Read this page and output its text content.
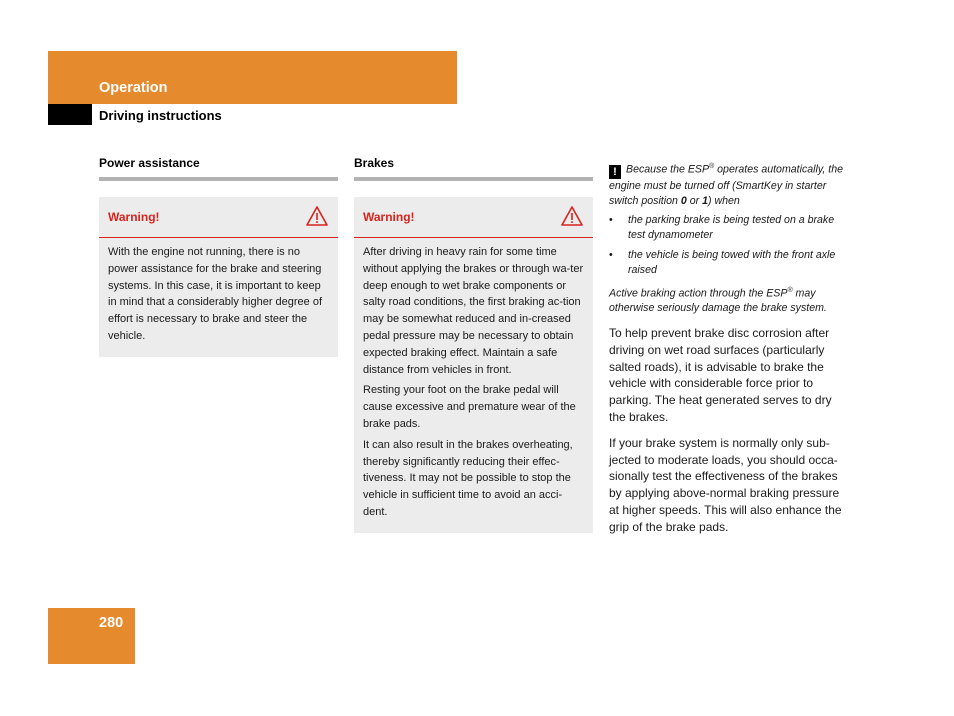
Operation
Driving instructions
Power assistance
Warning!

With the engine not running, there is no power assistance for the brake and steering systems. In this case, it is important to keep in mind that a considerably higher degree of effort is necessary to brake and steer the vehicle.

Brakes
Warning!

After driving in heavy rain for some time without applying the brakes or through wa-ter deep enough to wet brake components or salty road conditions, the first braking ac-tion may be somewhat reduced and in-creased pedal pressure may be necessary to obtain expected braking effect. Maintain a safe distance from vehicles in front.

Resting your foot on the brake pedal will cause excessive and premature wear of the brake pads.

It can also result in the brakes overheating, thereby significantly reducing their effec-tiveness. It may not be possible to stop the vehicle in sufficient time to avoid an acci-dent.

! Because the ESP® operates automatically, the engine must be turned off (SmartKey in starter switch position 0 or 1) when

• the parking brake is being tested on a brake test dynamometer
• the vehicle is being towed with the front axle raised

Active braking action through the ESP® may otherwise seriously damage the brake system.

To help prevent brake disc corrosion after driving on wet road surfaces (particularly salted roads), it is advisable to brake the vehicle with considerable force prior to parking. The heat generated serves to dry the brakes.

If your brake system is normally only sub-jected to moderate loads, you should occa-sionally test the effectiveness of the brakes by applying above-normal braking pressure at higher speeds. This will also enhance the grip of the brake pads.

280
